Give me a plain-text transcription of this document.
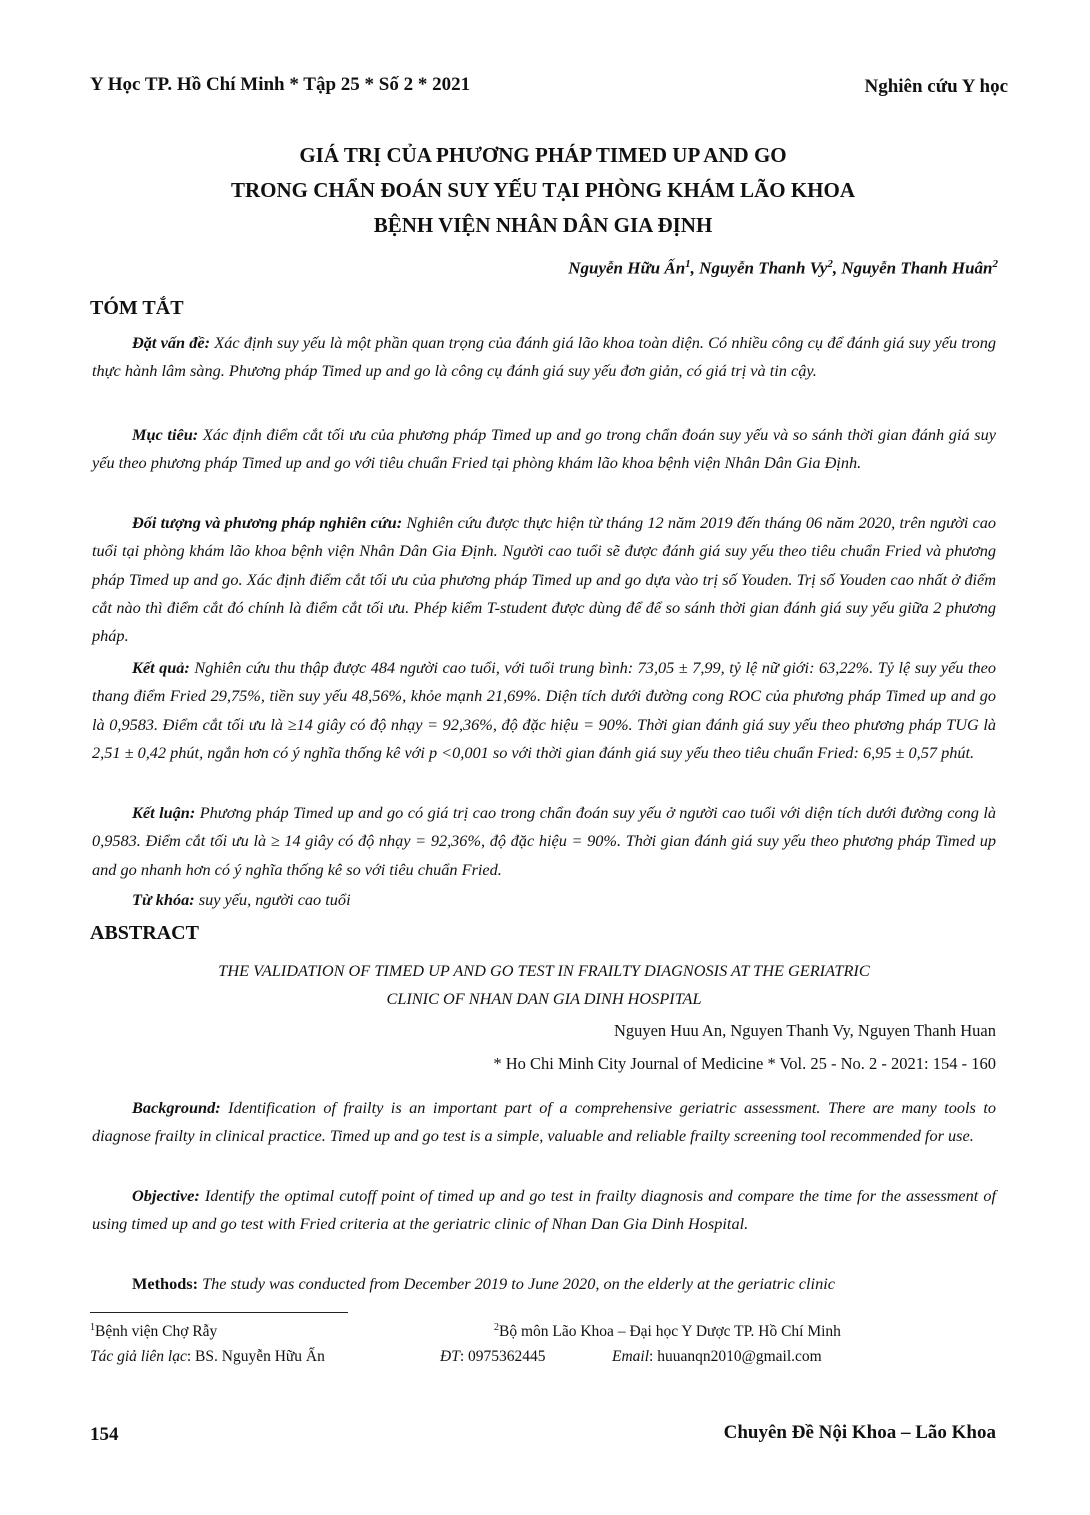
Y Học TP. Hồ Chí Minh * Tập 25 * Số 2 * 2021	Nghiên cứu Y học
GIÁ TRỊ CỦA PHƯƠNG PHÁP TIMED UP AND GO
TRONG CHẨN ĐOÁN SUY YẾU TẠI PHÒNG KHÁM LÃO KHOA
BỆNH VIỆN NHÂN DÂN GIA ĐỊNH
Nguyễn Hữu Ấn$^1$, Nguyễn Thanh Vy$^2$, Nguyễn Thanh Huân$^2$
TÓM TẮT
Đặt vấn đề: Xác định suy yếu là một phần quan trọng của đánh giá lão khoa toàn diện. Có nhiều công cụ để đánh giá suy yếu trong thực hành lâm sàng. Phương pháp Timed up and go là công cụ đánh giá suy yếu đơn giản, có giá trị và tin cậy.
Mục tiêu: Xác định điểm cắt tối ưu của phương pháp Timed up and go trong chẩn đoán suy yếu và so sánh thời gian đánh giá suy yếu theo phương pháp Timed up and go với tiêu chuẩn Fried tại phòng khám lão khoa bệnh viện Nhân Dân Gia Định.
Đối tượng và phương pháp nghiên cứu: Nghiên cứu được thực hiện từ tháng 12 năm 2019 đến tháng 06 năm 2020, trên người cao tuổi tại phòng khám lão khoa bệnh viện Nhân Dân Gia Định. Người cao tuổi sẽ được đánh giá suy yếu theo tiêu chuẩn Fried và phương pháp Timed up and go. Xác định điểm cắt tối ưu của phương pháp Timed up and go dựa vào trị số Youden. Trị số Youden cao nhất ở điểm cắt nào thì điểm cắt đó chính là điểm cắt tối ưu. Phép kiểm T-student được dùng để để so sánh thời gian đánh giá suy yếu giữa 2 phương pháp.
Kết quả: Nghiên cứu thu thập được 484 người cao tuổi, với tuổi trung bình: 73,05 ± 7,99, tỷ lệ nữ giới: 63,22%. Tỷ lệ suy yếu theo thang điểm Fried 29,75%, tiền suy yếu 48,56%, khỏe mạnh 21,69%. Diện tích dưới đường cong ROC của phương pháp Timed up and go là 0,9583. Điểm cắt tối ưu là ≥14 giây có độ nhạy = 92,36%, độ đặc hiệu = 90%. Thời gian đánh giá suy yếu theo phương pháp TUG là 2,51 ± 0,42 phút, ngắn hơn có ý nghĩa thống kê với p <0,001 so với thời gian đánh giá suy yếu theo tiêu chuẩn Fried: 6,95 ± 0,57 phút.
Kết luận: Phương pháp Timed up and go có giá trị cao trong chẩn đoán suy yếu ở người cao tuổi với diện tích dưới đường cong là 0,9583. Điểm cắt tối ưu là ≥ 14 giây có độ nhạy = 92,36%, độ đặc hiệu = 90%. Thời gian đánh giá suy yếu theo phương pháp Timed up and go nhanh hơn có ý nghĩa thống kê so với tiêu chuẩn Fried.
Từ khóa: suy yếu, người cao tuổi
ABSTRACT
THE VALIDATION OF TIMED UP AND GO TEST IN FRAILTY DIAGNOSIS AT THE GERIATRIC
CLINIC OF NHAN DAN GIA DINH HOSPITAL
Nguyen Huu An, Nguyen Thanh Vy, Nguyen Thanh Huan
* Ho Chi Minh City Journal of Medicine * Vol. 25 - No. 2 - 2021: 154 - 160
Background: Identification of frailty is an important part of a comprehensive geriatric assessment. There are many tools to diagnose frailty in clinical practice. Timed up and go test is a simple, valuable and reliable frailty screening tool recommended for use.
Objective: Identify the optimal cutoff point of timed up and go test in frailty diagnosis and compare the time for the assessment of using timed up and go test with Fried criteria at the geriatric clinic of Nhan Dan Gia Dinh Hospital.
Methods: The study was conducted from December 2019 to June 2020, on the elderly at the geriatric clinic
$^1$Bệnh viện Chợ Rẫy	$^2$Bộ môn Lão Khoa – Đại học Y Dược TP. Hồ Chí Minh
Tác giả liên lạc: BS. Nguyễn Hữu Ấn	ĐT: 0975362445	Email: huuanqn2010@gmail.com
154	Chuyên Đề Nội Khoa – Lão Khoa
